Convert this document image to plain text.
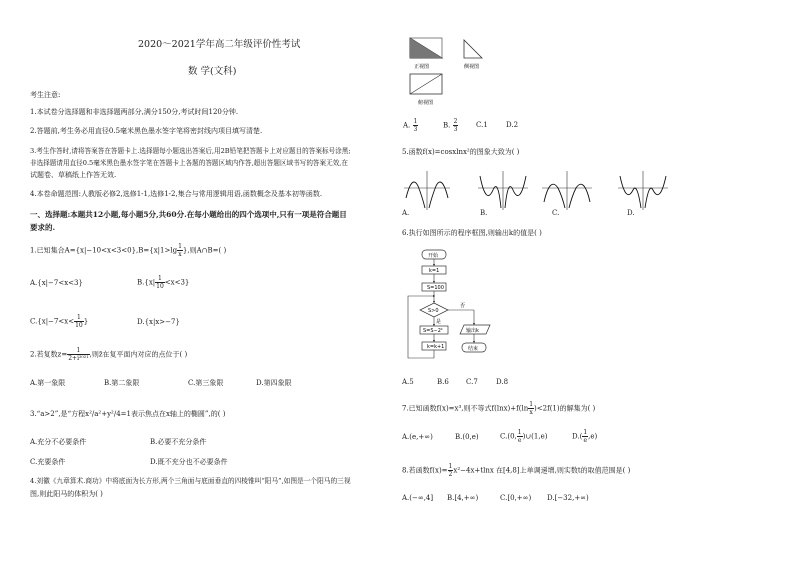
2020～2021学年高二年级评价性考试
数 学(文科)
考生注意:
1.本试卷分选择题和非选择题两部分,满分150分,考试时间120分钟.
2.答题前,考生务必用直径0.5毫米黑色墨水签字笔将密封线内项目填写清楚.
3.考生作答时,请将答案答在答题卡上.选择题每小题选出答案后,用2B铅笔把答题卡上对应题目的答案标号涂黑;
非选择题请用直径0.5毫米黑色墨水签字笔在答题卡上各题的答题区域内作答,超出答题区域书写的答案无效,在
试题卷、草稿纸上作答无效.
4.本卷命题范围:人教版必修2,选修1-1,选修1-2,集合与常用逻辑用语,函数概念及基本初等函数.
一、选择题:本题共12小题,每小题5分,共60分.在每小题给出的四个选项中,只有一项是符合题目
要求的.
1.已知集合$A=\{x|-10<x<3<0\},B=\{x|1>\lg \frac{1}{x}$ },则A∩B=( )
A.{x|−7<x<3}	$B.\{x| \frac{1}{10} <x<3\}$
$C.\{x|-7<x< \frac{1}{10}$ }	D.{x|x>−7}
2.若复数$z= \frac{1}{\text{2+i²⁰²¹}}$ ,则z̄在复平面内对应的点位于( )
A.第一象限	B.第二象限	C.第三象限	D.第四象限
3.“a>2”,是“方程x²/a²+y²/4=1表示焦点在x轴上的椭圆”,的( )
A.充分不必要条件	B.必要不充分条件
C.充要条件	D.既不充分也不必要条件
4.刘徽《九章算术.商功》中将底面为长方形,两个三角面与底面垂直的四棱锥叫“阳马”,如图是一个阳马的三视
图,则此阳马的体积为( )
正视图	侧视图
俯视图
A. $\frac{1}{3}$	B. $\frac{2}{3}$	C.1	D.2
5.函数f(x)=cosxlnx²的图象大致为( )
A.	B.	C.	D.
6.执行如图所示的程序框图,则输出k的值是( )
开始
k=1
S=100
S>0
否
输出k
结束
是
S=S−2ᵏ
k=k+1
A.5	B.6 C.7	D.8
7.已知函数f(x)=x³,则不等式$f(\ln x)+f(\ln \frac{1}{x} )<2f(1)$的解集为( )
A.(e,+∞)	B.(0,e)	C.(0, $\frac{1}{e}$ )∪(1,e)	$D.( \frac{1}{e} ,e)$
8.若函数$f(x)= \frac{1}{2} x^2-4x+tlnx$ 在[4,8]上单调递增,则实数t的取值范围是( )
A.(−∞,4] B.[4,+∞)	C.[0,+∞) D.[−32,+∞)
